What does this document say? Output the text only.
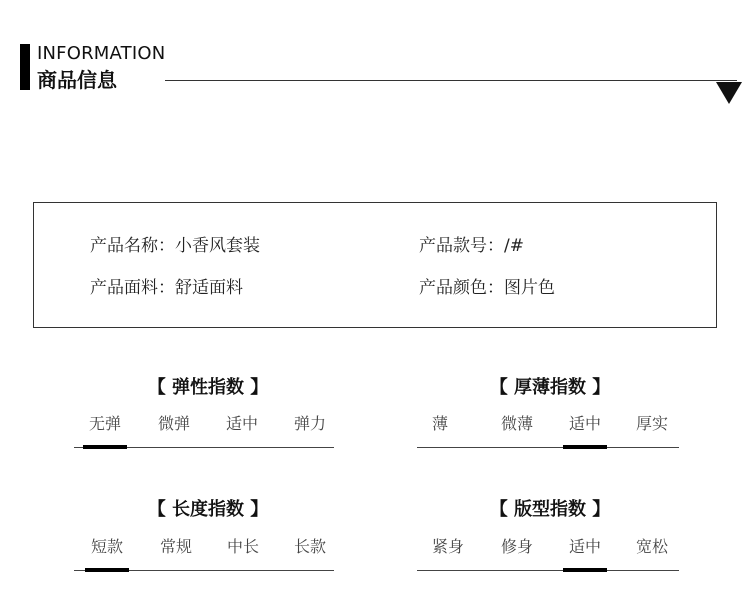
INFORMATION
商品信息
产品名称：小香风套装	产品款号：/#
产品面料：舒适面料	产品颜色：图片色
【 弹性指数 】
无弹	微弹	适中	弹力
【 厚薄指数 】
薄	微薄	适中	厚实
【 长度指数 】
短款	常规	中长	长款
【 版型指数 】
紧身	修身	适中	宽松
